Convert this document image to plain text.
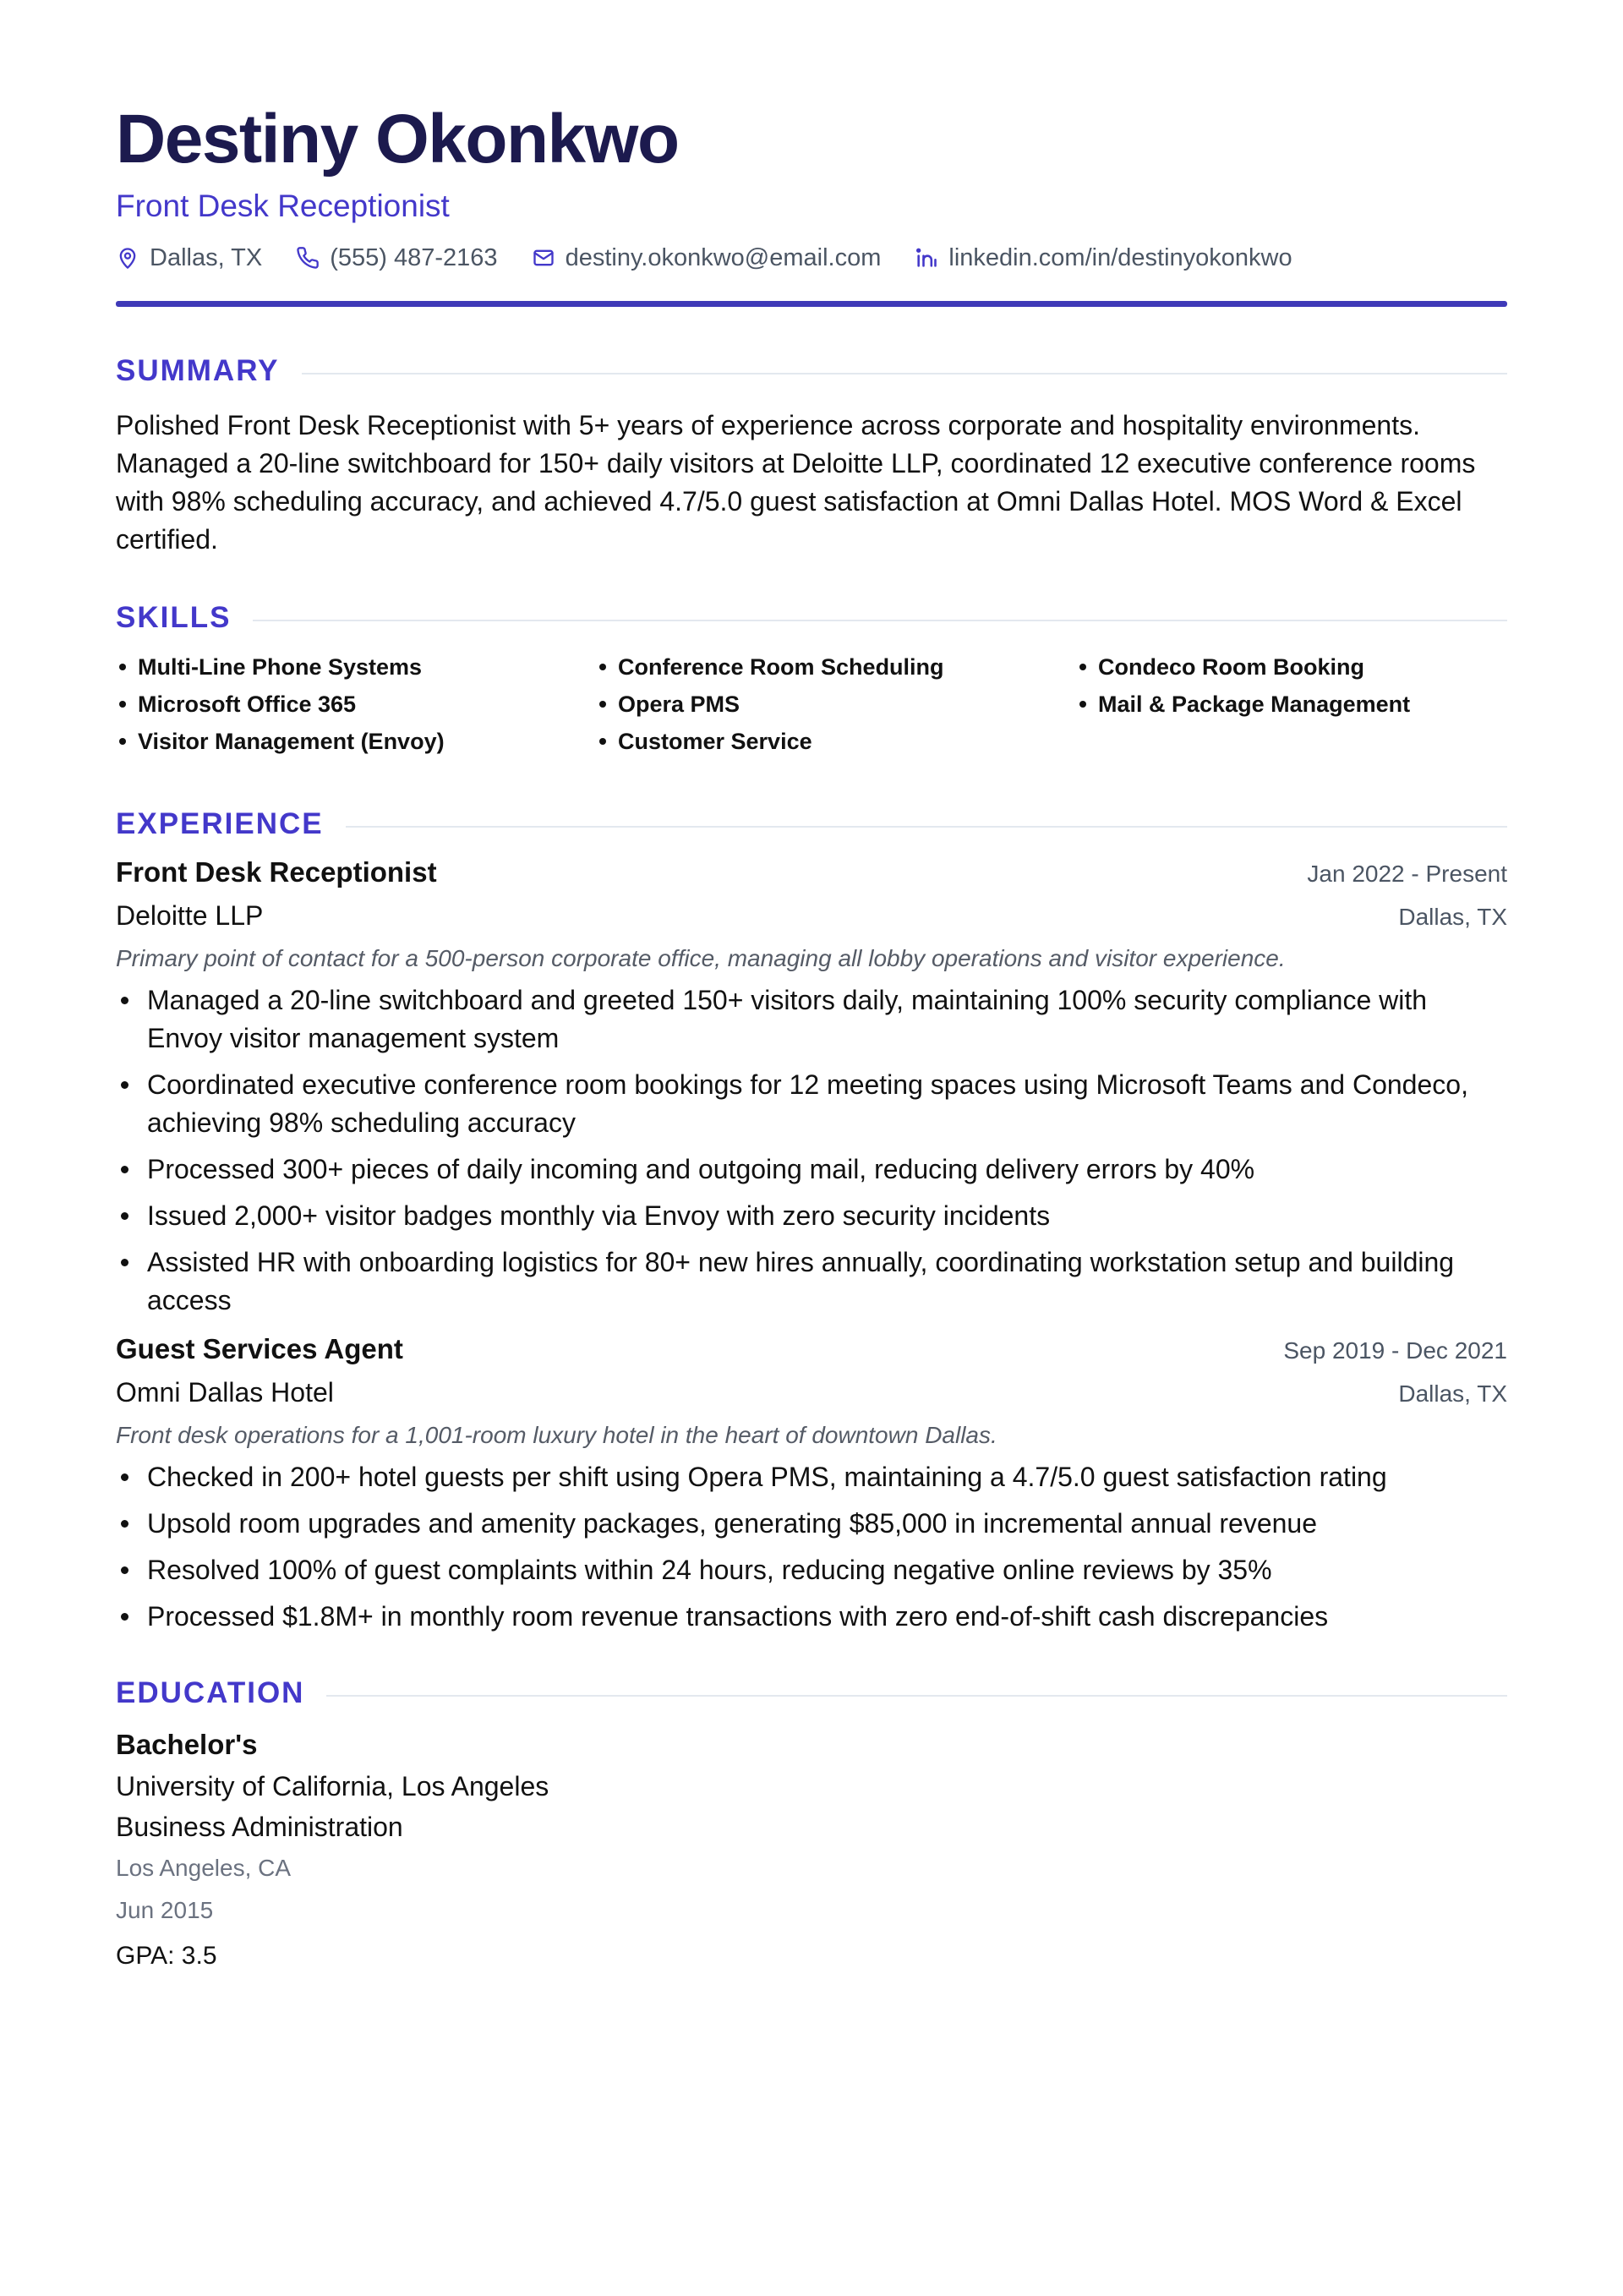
Destiny Okonkwo
Front Desk Receptionist
Dallas, TX	(555) 487-2163	destiny.okonkwo@email.com	linkedin.com/in/destinyokonkwo
SUMMARY

Polished Front Desk Receptionist with 5+ years of experience across corporate and hospitality environments. Managed a 20-line switchboard for 150+ daily visitors at Deloitte LLP, coordinated 12 executive conference rooms with 98% scheduling accuracy, and achieved 4.7/5.0 guest satisfaction at Omni Dallas Hotel. MOS Word & Excel certified.

SKILLS
Multi-Line Phone Systems	Conference Room Scheduling	Condeco Room Booking
Microsoft Office 365	Opera PMS	Mail & Package Management
Visitor Management (Envoy)	Customer Service
EXPERIENCE
Front Desk Receptionist	Jan 2022 - Present
Deloitte LLP	Dallas, TX
Primary point of contact for a 500-person corporate office, managing all lobby operations and visitor experience.
Managed a 20-line switchboard and greeted 150+ visitors daily, maintaining 100% security compliance with Envoy visitor management system
Coordinated executive conference room bookings for 12 meeting spaces using Microsoft Teams and Condeco, achieving 98% scheduling accuracy
Processed 300+ pieces of daily incoming and outgoing mail, reducing delivery errors by 40%
Issued 2,000+ visitor badges monthly via Envoy with zero security incidents
Assisted HR with onboarding logistics for 80+ new hires annually, coordinating workstation setup and building access
Guest Services Agent	Sep 2019 - Dec 2021
Omni Dallas Hotel	Dallas, TX
Front desk operations for a 1,001-room luxury hotel in the heart of downtown Dallas.
Checked in 200+ hotel guests per shift using Opera PMS, maintaining a 4.7/5.0 guest satisfaction rating
Upsold room upgrades and amenity packages, generating $85,000 in incremental annual revenue
Resolved 100% of guest complaints within 24 hours, reducing negative online reviews by 35%
Processed $1.8M+ in monthly room revenue transactions with zero end-of-shift cash discrepancies
EDUCATION
Bachelor's
University of California, Los Angeles
Business Administration
Los Angeles, CA
Jun 2015
GPA: 3.5
